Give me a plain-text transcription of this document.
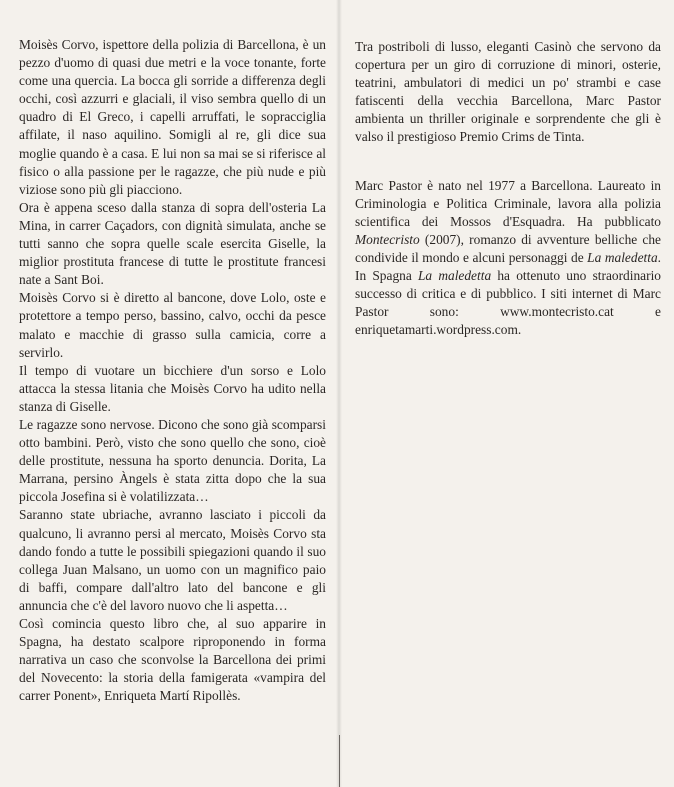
Moisès Corvo, ispettore della polizia di Barcellona, è un pezzo d'uomo di quasi due metri e la voce tonante, forte come una quercia. La bocca gli sorride a differenza degli occhi, così azzurri e glaciali, il viso sembra quello di un quadro di El Greco, i capelli arruffati, le sopracciglia affilate, il naso aquilino. Somigli al re, gli dice sua moglie quando è a casa. E lui non sa mai se si riferisce al fisico o alla passione per le ragazze, che più nude e più viziose sono più gli piacciono.

Ora è appena sceso dalla stanza di sopra dell'osteria La Mina, in carrer Caçadors, con dignità simulata, anche se tutti sanno che sopra quelle scale esercita Giselle, la miglior prostituta francese di tutte le prostitute francesi nate a Sant Boi.

Moisès Corvo si è diretto al bancone, dove Lolo, oste e protettore a tempo perso, bassino, calvo, occhi da pesce malato e macchie di grasso sulla camicia, corre a servirlo.

Il tempo di vuotare un bicchiere d'un sorso e Lolo attacca la stessa litania che Moisès Corvo ha udito nella stanza di Giselle.

Le ragazze sono nervose. Dicono che sono già scomparsi otto bambini. Però, visto che sono quello che sono, cioè delle prostitute, nessuna ha sporto denuncia. Dorita, La Marrana, persino Àngels è stata zitta dopo che la sua piccola Josefina si è volatilizzata…

Saranno state ubriache, avranno lasciato i piccoli da qualcuno, li avranno persi al mercato, Moisès Corvo sta dando fondo a tutte le possibili spiegazioni quando il suo collega Juan Malsano, un uomo con un magnifico paio di baffi, compare dall'altro lato del bancone e gli annuncia che c'è del lavoro nuovo che li aspetta…

Così comincia questo libro che, al suo apparire in Spagna, ha destato scalpore riproponendo in forma narrativa un caso che sconvolse la Barcellona dei primi del Novecento: la storia della famigerata «vampira del carrer Ponent», Enriqueta Martí Ripollès.

Tra postriboli di lusso, eleganti Casinò che servono da copertura per un giro di corruzione di minori, osterie, teatrini, ambulatori di medici un po' strambi e case fatiscenti della vecchia Barcellona, Marc Pastor ambienta un thriller originale e sorprendente che gli è valso il prestigioso Premio Crims de Tinta.

Marc Pastor è nato nel 1977 a Barcellona. Laureato in Criminologia e Politica Criminale, lavora alla polizia scientifica dei Mossos d'Esquadra. Ha pubblicato Montecristo (2007), romanzo di avventure belliche che condivide il mondo e alcuni personaggi de La maledetta. In Spagna La maledetta ha ottenuto uno straordinario successo di critica e di pubblico. I siti internet di Marc Pastor sono: www.montecristo.cat e enriquetamarti.wordpress.com.
